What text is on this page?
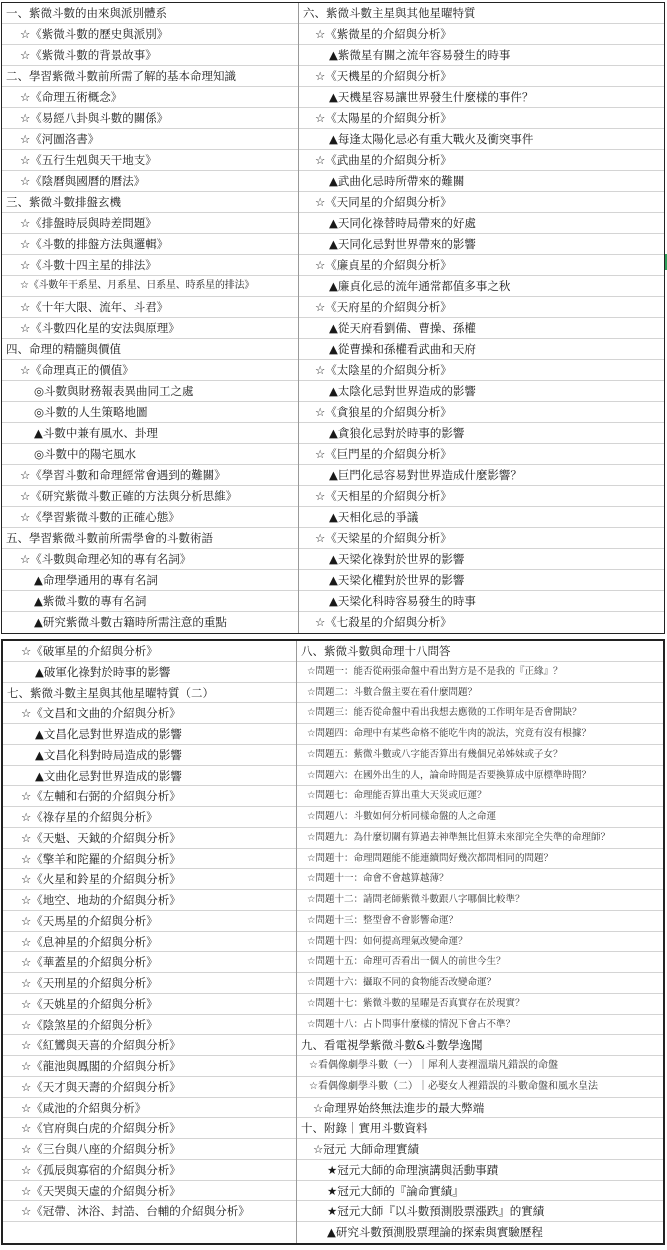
一、紫微斗數的由來與派別體系
☆《紫微斗數的歷史與派別》
☆《紫微斗數的背景故事》
二、學習紫微斗數前所需了解的基本命理知識
☆《命理五術概念》
☆《易經八卦與斗數的關係》
☆《河圖洛書》
☆《五行生剋與天干地支》
☆《陰曆與國曆的曆法》
三、紫微斗數排盤玄機
☆《排盤時辰與時差問題》
☆《斗數的排盤方法與邏輯》
☆《斗數十四主星的排法》
☆《斗數年干系星、月系星、日系星、時系星的排法》
☆《十年大限、流年、斗君》
☆《斗數四化星的安法與原理》
四、命理的精髓與價值
☆《命理真正的價值》
◎斗數與財務報表異曲同工之處
◎斗數的人生策略地圖
▲斗數中兼有風水、卦理
◎斗數中的陽宅風水
☆《學習斗數和命理經常會遇到的難關》
☆《研究紫微斗數正確的方法與分析思維》
☆《學習紫微斗數的正確心態》
五、學習紫微斗數前所需學會的斗數術語
☆《斗數與命理必知的專有名詞》
▲命理學通用的專有名詞
▲紫微斗數的專有名詞
▲研究紫微斗數古籍時所需注意的重點
六、紫微斗數主星與其他星曜特質
☆《紫微星的介紹與分析》
▲紫微星有關之流年容易發生的時事
☆《天機星的介紹與分析》
▲天機星容易讓世界發生什麼樣的事件？
☆《太陽星的介紹與分析》
▲每逢太陽化忌必有重大戰火及衝突事件
☆《武曲星的介紹與分析》
▲武曲化忌時所帶來的難關
☆《天同星的介紹與分析》
▲天同化祿替時局帶來的好處
▲天同化忌對世界帶來的影響
☆《廉貞星的介紹與分析》
▲廉貞化忌的流年通常都值多事之秋
☆《天府星的介紹與分析》
▲從天府看劉備、曹操、孫權
▲從曹操和孫權看武曲和天府
☆《太陰星的介紹與分析》
▲太陰化忌對世界造成的影響
☆《貪狼星的介紹與分析》
▲貪狼化忌對於時事的影響
☆《巨門星的介紹與分析》
▲巨門化忌容易對世界造成什麼影響？
☆《天相星的介紹與分析》
▲天相化忌的爭議
☆《天梁星的介紹與分析》
▲天梁化祿對於世界的影響
▲天梁化權對於世界的影響
▲天梁化科時容易發生的時事
☆《七殺星的介紹與分析》
☆《破軍星的介紹與分析》
▲破軍化祿對於時事的影響
七、紫微斗數主星與其他星曜特質（二）
☆《文昌和文曲的介紹與分析》
▲文昌化忌對世界造成的影響
▲文昌化科對時局造成的影響
▲文曲化忌對世界造成的影響
☆《左輔和右弼的介紹與分析》
☆《祿存星的介紹與分析》
☆《天魁、天鉞的介紹與分析》
☆《擎羊和陀羅的介紹與分析》
☆《火星和鈴星的介紹與分析》
☆《地空、地劫的介紹與分析》
☆《天馬星的介紹與分析》
☆《息神星的介紹與分析》
☆《華蓋星的介紹與分析》
☆《天刑星的介紹與分析》
☆《天姚星的介紹與分析》
☆《陰煞星的介紹與分析》
☆《紅鸞與天喜的介紹與分析》
☆《龍池與鳳閣的介紹與分析》
☆《天才與天壽的介紹與分析》
☆《咸池的介紹與分析》
☆《官府與白虎的介紹與分析》
☆《三台與八座的介紹與分析》
☆《孤辰與寡宿的介紹與分析》
☆《天哭與天虛的介紹與分析》
☆《冠帶、沐浴、封誥、台輔的介紹與分析》
八、紫微斗數與命理十八問答
☆問題一：能否從兩張命盤中看出對方是不是我的『正緣』？
☆問題二：斗數合盤主要在看什麼問題？
☆問題三：能否從命盤中看出我想去應徵的工作明年是否會開缺？
☆問題四：命理中有某些命格不能吃牛肉的說法，究竟有沒有根據？
☆問題五：紫微斗數或八字能否算出有幾個兄弟姊妹或子女？
☆問題六：在國外出生的人，論命時間是否要換算成中原標準時間？
☆問題七：命理能否算出重大天災或厄運？
☆問題八：斗數如何分析同樣命盤的人之命運
☆問題九：為什麼切關有算過去神準無比但算未來卻完全失準的命理師？
☆問題十：命理問題能不能連續問好幾次都問相同的問題？
☆問題十一：命會不會越算越薄？
☆問題十二：請問老師紫微斗數跟八字哪個比較準？
☆問題十三：整型會不會影響命運？
☆問題十四：如何提高理氣改變命運？
☆問題十五：命理可否看出一個人的前世今生？
☆問題十六：攝取不同的食物能否改變命運？
☆問題十七：紫微斗數的星曜是否真實存在於現實？
☆問題十八：占卜問事什麼樣的情況下會占不準？
九、看電視學紫微斗數&斗數學逸聞
☆看偶像劇學斗數（一）｜犀利人妻裡溫瑞凡錯誤的命盤
☆看偶像劇學斗數（二）｜必娶女人裡錯誤的斗數命盤和風水皇法
☆命理界始終無法進步的最大弊端
十、附錄｜實用斗數資料
☆冠元 大師命理實績
★冠元大師的命理演講與活動事蹟
★冠元大師的『論命實績』
★冠元大師『以斗數預測股票漲跌』的實績
▲研究斗數預測股票理論的探索與實驗歷程
